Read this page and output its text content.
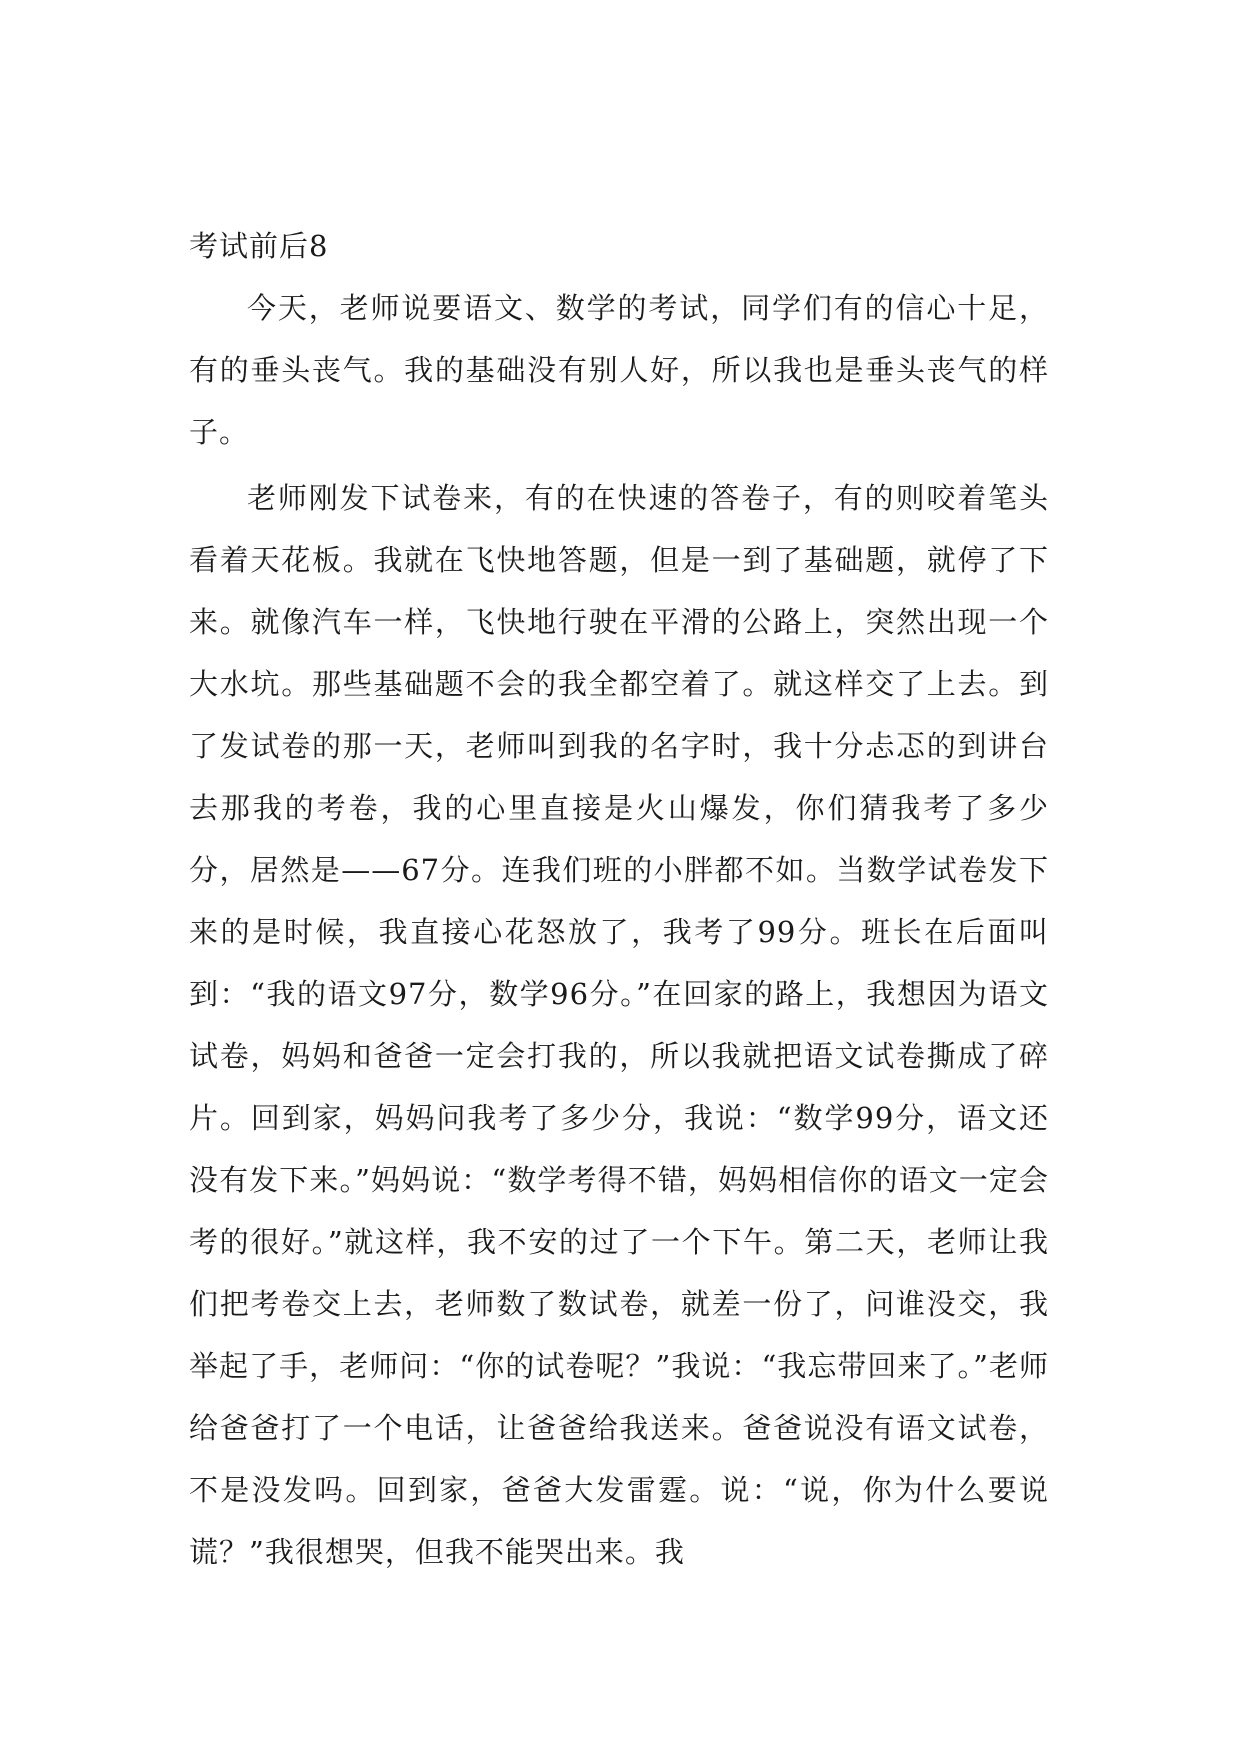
考试前后8

今天，老师说要语文、数学的考试，同学们有的信心十足，有的垂头丧气。我的基础没有别人好，所以我也是垂头丧气的样子。

老师刚发下试卷来，有的在快速的答卷子，有的则咬着笔头看着天花板。我就在飞快地答题，但是一到了基础题，就停了下来。就像汽车一样，飞快地行驶在平滑的公路上，突然出现一个大水坑。那些基础题不会的我全都空着了。就这样交了上去。到了发试卷的那一天，老师叫到我的名字时，我十分忐忑的到讲台去那我的考卷，我的心里直接是火山爆发，你们猜我考了多少分，居然是——67分。连我们班的小胖都不如。当数学试卷发下来的是时候，我直接心花怒放了，我考了99分。班长在后面叫到：“我的语文97分，数学96分。”在回家的路上，我想因为语文试卷，妈妈和爸爸一定会打我的，所以我就把语文试卷撕成了碎片。回到家，妈妈问我考了多少分，我说：“数学99分，语文还没有发下来。”妈妈说：“数学考得不错，妈妈相信你的语文一定会考的很好。”就这样，我不安的过了一个下午。第二天，老师让我们把考卷交上去，老师数了数试卷，就差一份了，问谁没交，我举起了手，老师问：“你的试卷呢？”我说：“我忘带回来了。”老师给爸爸打了一个电话，让爸爸给我送来。爸爸说没有语文试卷，不是没发吗。回到家，爸爸大发雷霆。说：“说，你为什么要说谎？”我很想哭，但我不能哭出来。我
